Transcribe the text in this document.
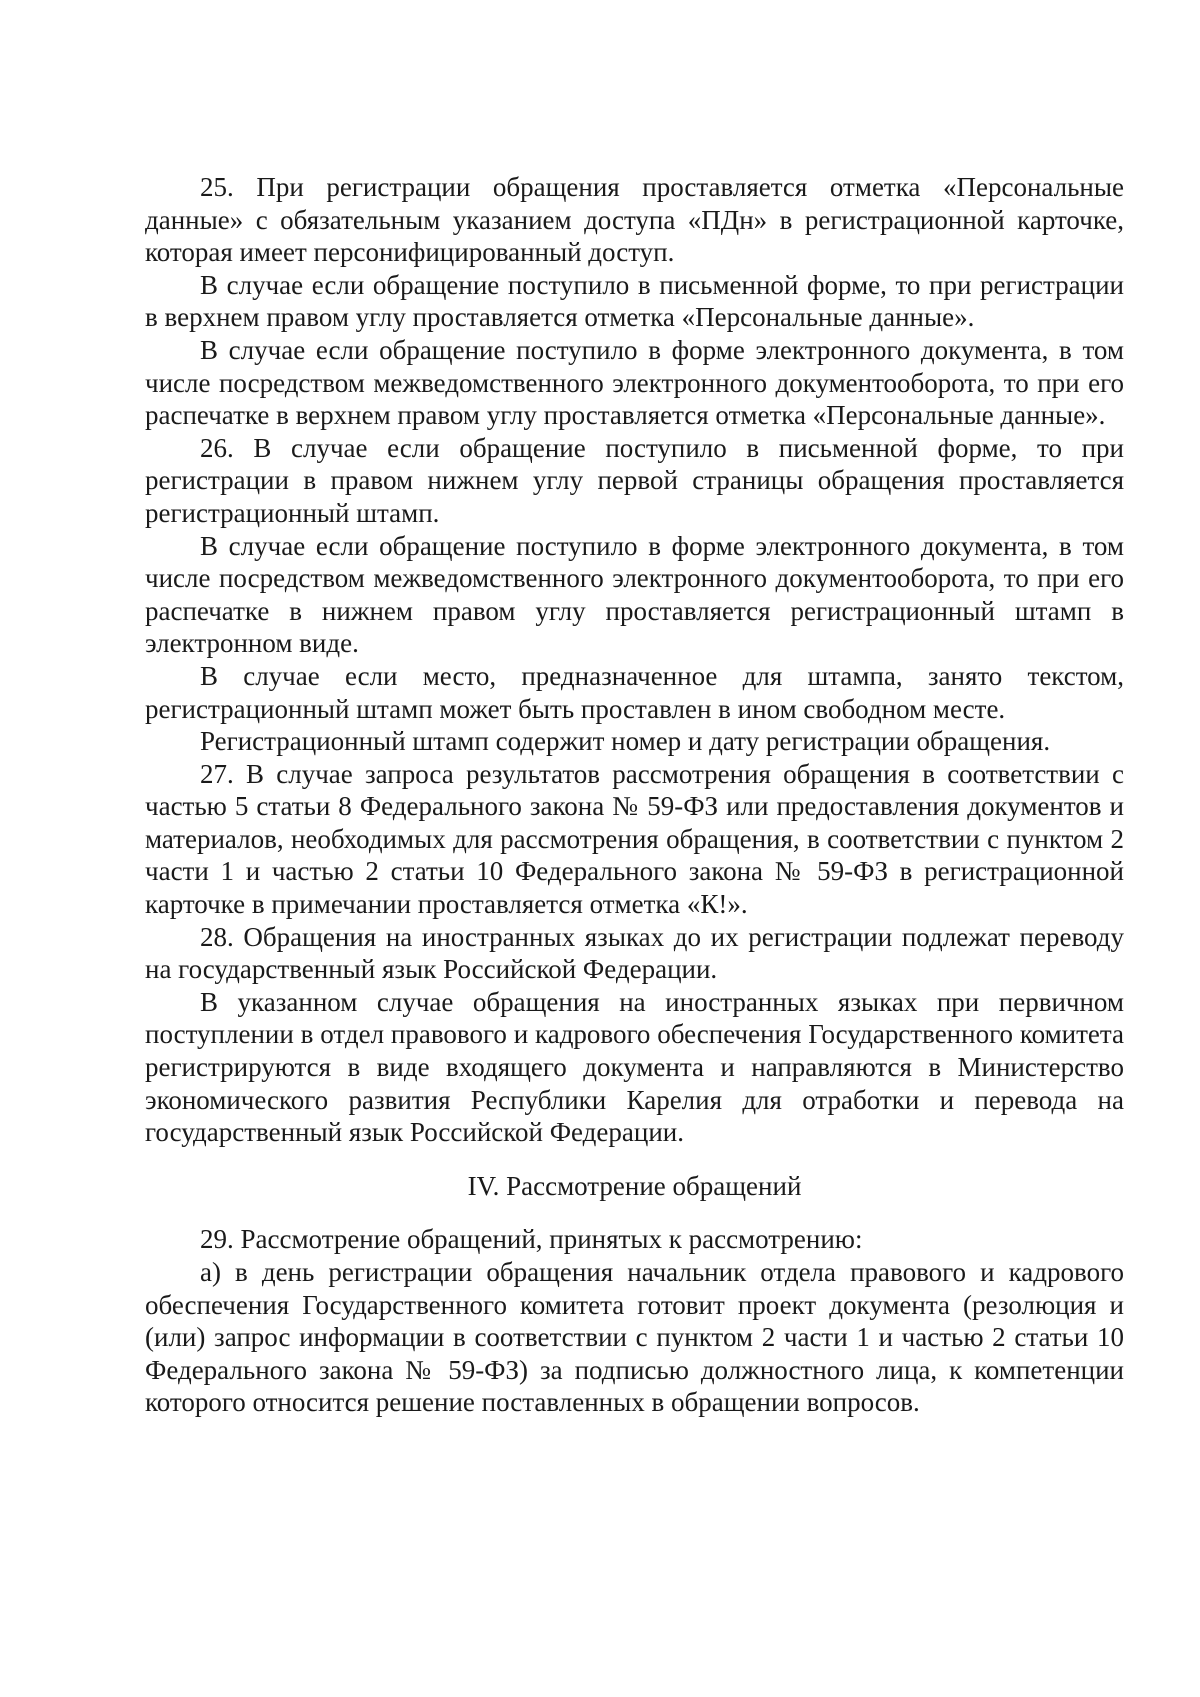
25. При регистрации обращения проставляется отметка «Персональные данные» с обязательным указанием доступа «ПДн» в регистрационной карточке, которая имеет персонифицированный доступ.

В случае если обращение поступило в письменной форме, то при регистрации в верхнем правом углу проставляется отметка «Персональные данные».

В случае если обращение поступило в форме электронного документа, в том числе посредством межведомственного электронного документооборота, то при его распечатке в верхнем правом углу проставляется отметка «Персональные данные».

26. В случае если обращение поступило в письменной форме, то при регистрации в правом нижнем углу первой страницы обращения проставляется регистрационный штамп.

В случае если обращение поступило в форме электронного документа, в том числе посредством межведомственного электронного документооборота, то при его распечатке в нижнем правом углу проставляется регистрационный штамп в электронном виде.

В случае если место, предназначенное для штампа, занято текстом, регистрационный штамп может быть проставлен в ином свободном месте.

Регистрационный штамп содержит номер и дату регистрации обращения.

27. В случае запроса результатов рассмотрения обращения в соответствии с частью 5 статьи 8 Федерального закона № 59-ФЗ или предоставления документов и материалов, необходимых для рассмотрения обращения, в соответствии с пунктом 2 части 1 и частью 2 статьи 10 Федерального закона № 59-ФЗ в регистрационной карточке в примечании проставляется отметка «К!».

28. Обращения на иностранных языках до их регистрации подлежат переводу на государственный язык Российской Федерации.

В указанном случае обращения на иностранных языках при первичном поступлении в отдел правового и кадрового обеспечения Государственного комитета регистрируются в виде входящего документа и направляются в Министерство экономического развития Республики Карелия для отработки и перевода на государственный язык Российской Федерации.

IV. Рассмотрение обращений

29. Рассмотрение обращений, принятых к рассмотрению:

а) в день регистрации обращения начальник отдела правового и кадрового обеспечения Государственного комитета готовит проект документа (резолюция и (или) запрос информации в соответствии с пунктом 2 части 1 и частью 2 статьи 10 Федерального закона № 59-ФЗ) за подписью должностного лица, к компетенции которого относится решение поставленных в обращении вопросов.
